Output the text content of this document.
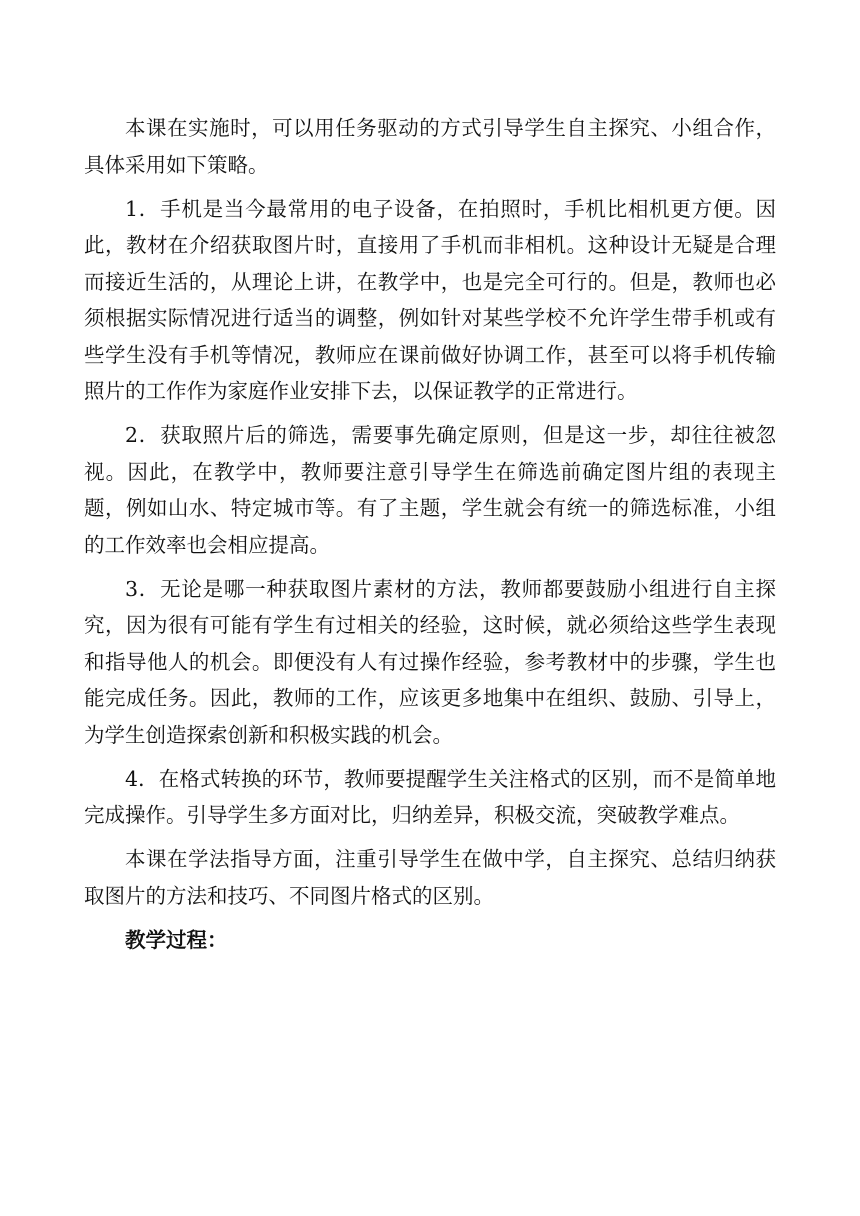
本课在实施时，可以用任务驱动的方式引导学生自主探究、小组合作，具体采用如下策略。

1．手机是当今最常用的电子设备，在拍照时，手机比相机更方便。因此，教材在介绍获取图片时，直接用了手机而非相机。这种设计无疑是合理而接近生活的，从理论上讲，在教学中，也是完全可行的。但是，教师也必须根据实际情况进行适当的调整，例如针对某些学校不允许学生带手机或有些学生没有手机等情况，教师应在课前做好协调工作，甚至可以将手机传输照片的工作作为家庭作业安排下去，以保证教学的正常进行。

2．获取照片后的筛选，需要事先确定原则，但是这一步，却往往被忽视。因此，在教学中，教师要注意引导学生在筛选前确定图片组的表现主题，例如山水、特定城市等。有了主题，学生就会有统一的筛选标准，小组的工作效率也会相应提高。

3．无论是哪一种获取图片素材的方法，教师都要鼓励小组进行自主探究，因为很有可能有学生有过相关的经验，这时候，就必须给这些学生表现和指导他人的机会。即便没有人有过操作经验，参考教材中的步骤，学生也能完成任务。因此，教师的工作，应该更多地集中在组织、鼓励、引导上，为学生创造探索创新和积极实践的机会。

4．在格式转换的环节，教师要提醒学生关注格式的区别，而不是简单地完成操作。引导学生多方面对比，归纳差异，积极交流，突破教学难点。

本课在学法指导方面，注重引导学生在做中学，自主探究、总结归纳获取图片的方法和技巧、不同图片格式的区别。

教学过程：
